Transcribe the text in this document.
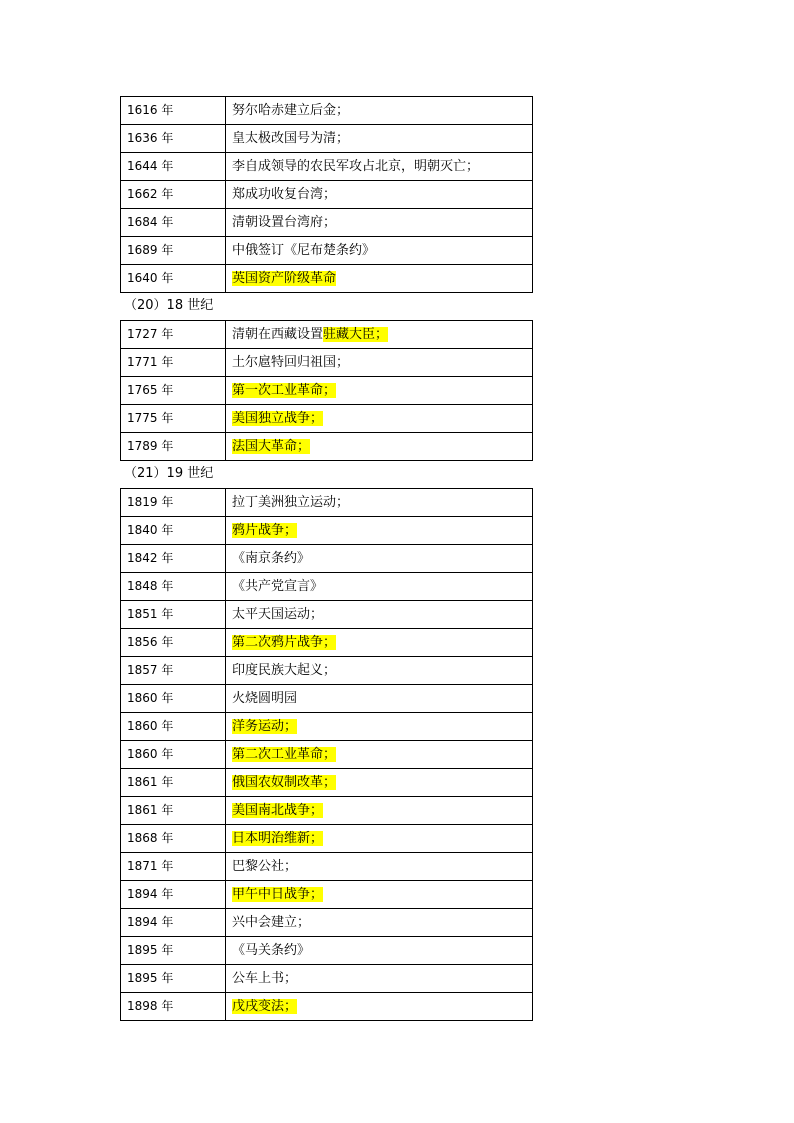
1616 年	努尔哈赤建立后金；
1636 年	皇太极改国号为清；
1644 年	李自成领导的农民军攻占北京，明朝灭亡；
1662 年	郑成功收复台湾；
1684 年	清朝设置台湾府；
1689 年	中俄签订《尼布楚条约》
1640 年	英国资产阶级革命
（20）18 世纪
1727 年	清朝在西藏设置驻藏大臣；
1771 年	土尔扈特回归祖国；
1765 年	第一次工业革命；
1775 年	美国独立战争；
1789 年	法国大革命；
（21）19 世纪
1819 年	拉丁美洲独立运动；
1840 年	鸦片战争；
1842 年	《南京条约》
1848 年	《共产党宣言》
1851 年	太平天国运动；
1856 年	第二次鸦片战争；
1857 年	印度民族大起义；
1860 年	火烧圆明园
1860 年	洋务运动；
1860 年	第二次工业革命；
1861 年	俄国农奴制改革；
1861 年	美国南北战争；
1868 年	日本明治维新；
1871 年	巴黎公社；
1894 年	甲午中日战争；
1894 年	兴中会建立；
1895 年	《马关条约》
1895 年	公车上书；
1898 年	戊戌变法；
